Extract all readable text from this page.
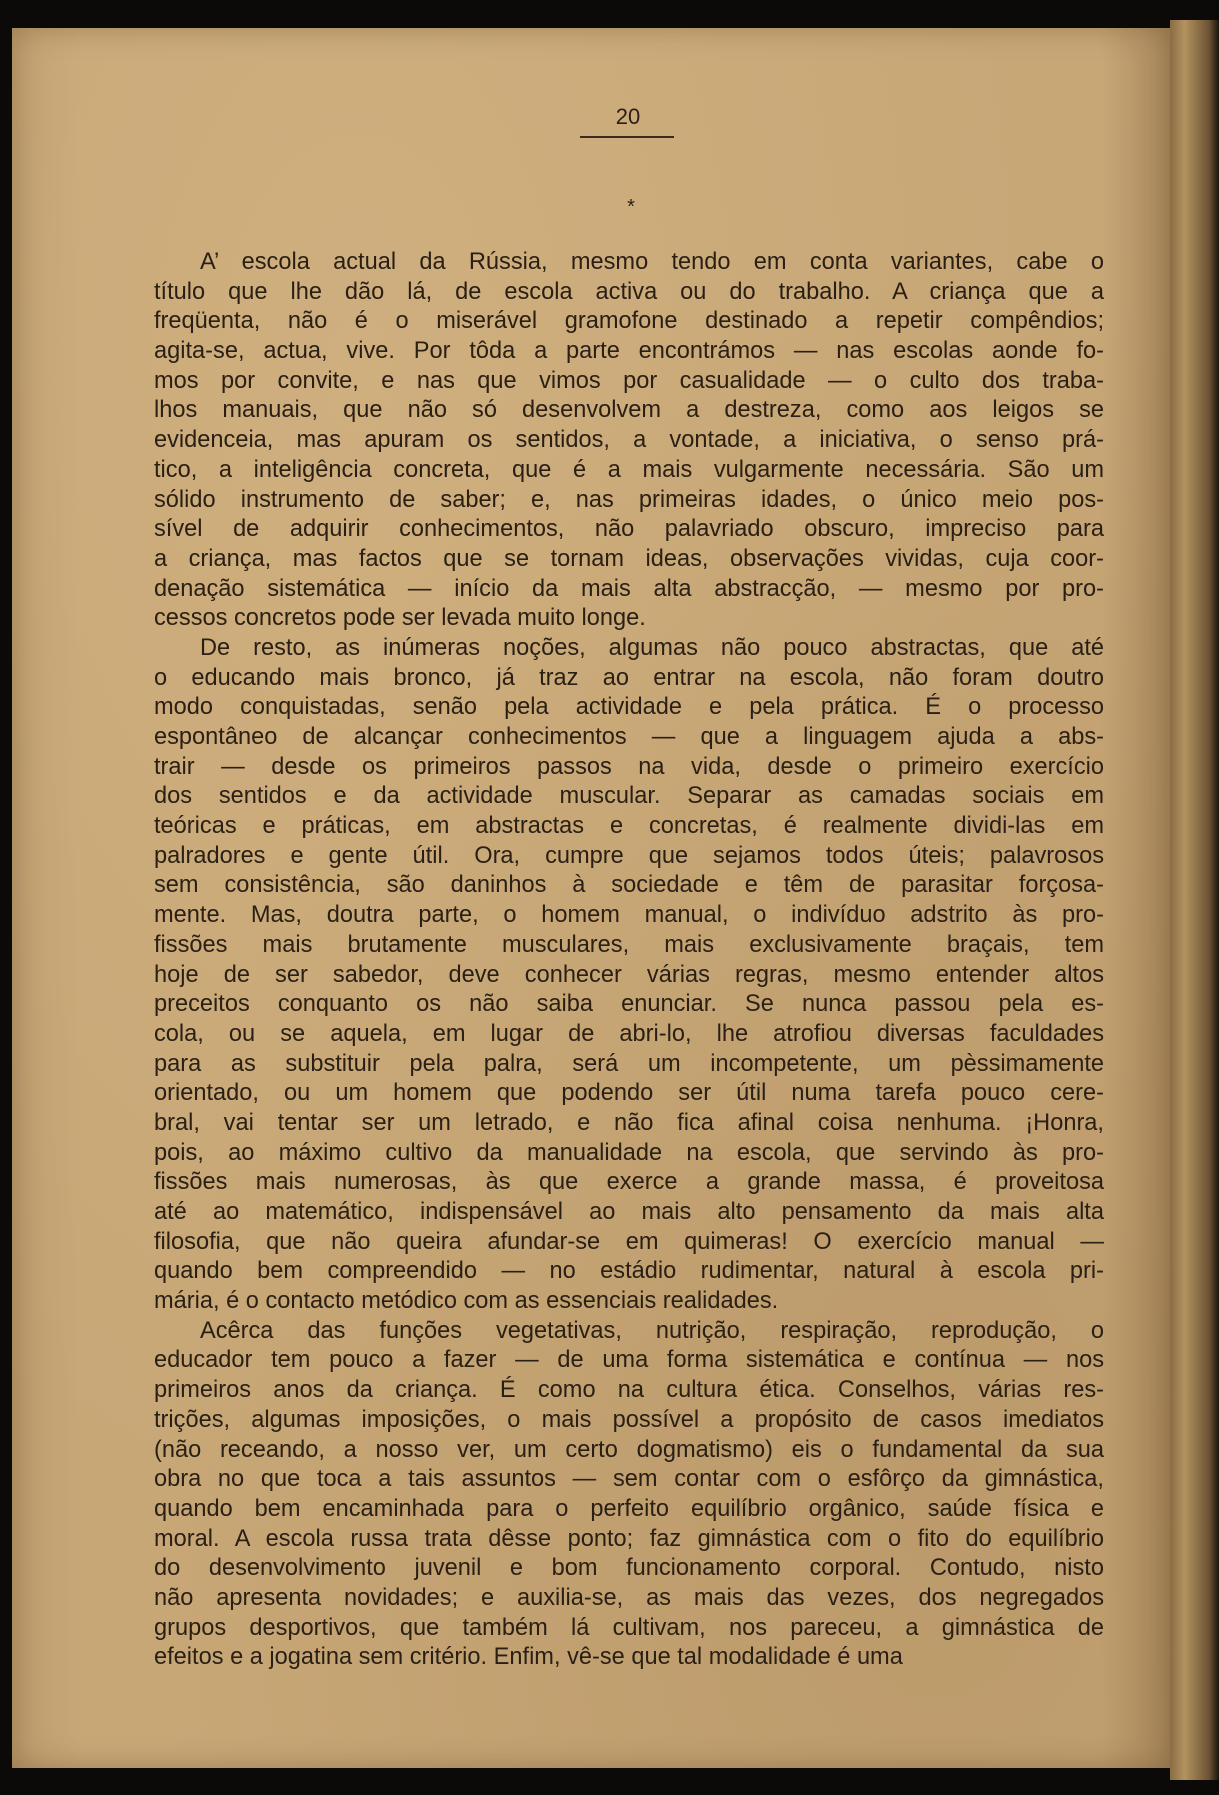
20
*
A’ escola actual da Rússia, mesmo tendo em conta variantes, cabe o
título que lhe dão lá, de escola activa ou do trabalho. A criança que a
freqüenta, não é o miserável gramofone destinado a repetir compêndios;
agita-se, actua, vive. Por tôda a parte encontrámos — nas escolas aonde fo-
mos por convite, e nas que vimos por casualidade — o culto dos traba-
lhos manuais, que não só desenvolvem a destreza, como aos leigos se
evidenceia, mas apuram os sentidos, a vontade, a iniciativa, o senso prá-
tico, a inteligência concreta, que é a mais vulgarmente necessária. São um
sólido instrumento de saber; e, nas primeiras idades, o único meio pos-
sível de adquirir conhecimentos, não palavriado obscuro, impreciso para
a criança, mas factos que se tornam ideas, observações vividas, cuja coor-
denação sistemática — início da mais alta abstracção, — mesmo por pro-
cessos concretos pode ser levada muito longe.
De resto, as inúmeras noções, algumas não pouco abstractas, que até
o educando mais bronco, já traz ao entrar na escola, não foram doutro
modo conquistadas, senão pela actividade e pela prática. É o processo
espontâneo de alcançar conhecimentos — que a linguagem ajuda a abs-
trair — desde os primeiros passos na vida, desde o primeiro exercício
dos sentidos e da actividade muscular. Separar as camadas sociais em
teóricas e práticas, em abstractas e concretas, é realmente dividi-las em
palradores e gente útil. Ora, cumpre que sejamos todos úteis; palavrosos
sem consistência, são daninhos à sociedade e têm de parasitar forçosa-
mente. Mas, doutra parte, o homem manual, o indivíduo adstrito às pro-
fissões mais brutamente musculares, mais exclusivamente braçais, tem
hoje de ser sabedor, deve conhecer várias regras, mesmo entender altos
preceitos conquanto os não saiba enunciar. Se nunca passou pela es-
cola, ou se aquela, em lugar de abri-lo, lhe atrofiou diversas faculdades
para as substituir pela palra, será um incompetente, um pèssimamente
orientado, ou um homem que podendo ser útil numa tarefa pouco cere-
bral, vai tentar ser um letrado, e não fica afinal coisa nenhuma. ¡Honra,
pois, ao máximo cultivo da manualidade na escola, que servindo às pro-
fissões mais numerosas, às que exerce a grande massa, é proveitosa
até ao matemático, indispensável ao mais alto pensamento da mais alta
filosofia, que não queira afundar-se em quimeras! O exercício manual —
quando bem compreendido — no estádio rudimentar, natural à escola pri-
mária, é o contacto metódico com as essenciais realidades.
Acêrca das funções vegetativas, nutrição, respiração, reprodução, o
educador tem pouco a fazer — de uma forma sistemática e contínua — nos
primeiros anos da criança. É como na cultura ética. Conselhos, várias res-
trições, algumas imposições, o mais possível a propósito de casos imediatos
(não receando, a nosso ver, um certo dogmatismo) eis o fundamental da sua
obra no que toca a tais assuntos — sem contar com o esfôrço da gimnástica,
quando bem encaminhada para o perfeito equilíbrio orgânico, saúde física e
moral. A escola russa trata dêsse ponto; faz gimnástica com o fito do equilíbrio
do desenvolvimento juvenil e bom funcionamento corporal. Contudo, nisto
não apresenta novidades; e auxilia-se, as mais das vezes, dos negregados
grupos desportivos, que também lá cultivam, nos pareceu, a gimnástica de
efeitos e a jogatina sem critério. Enfim, vê-se que tal modalidade é uma
